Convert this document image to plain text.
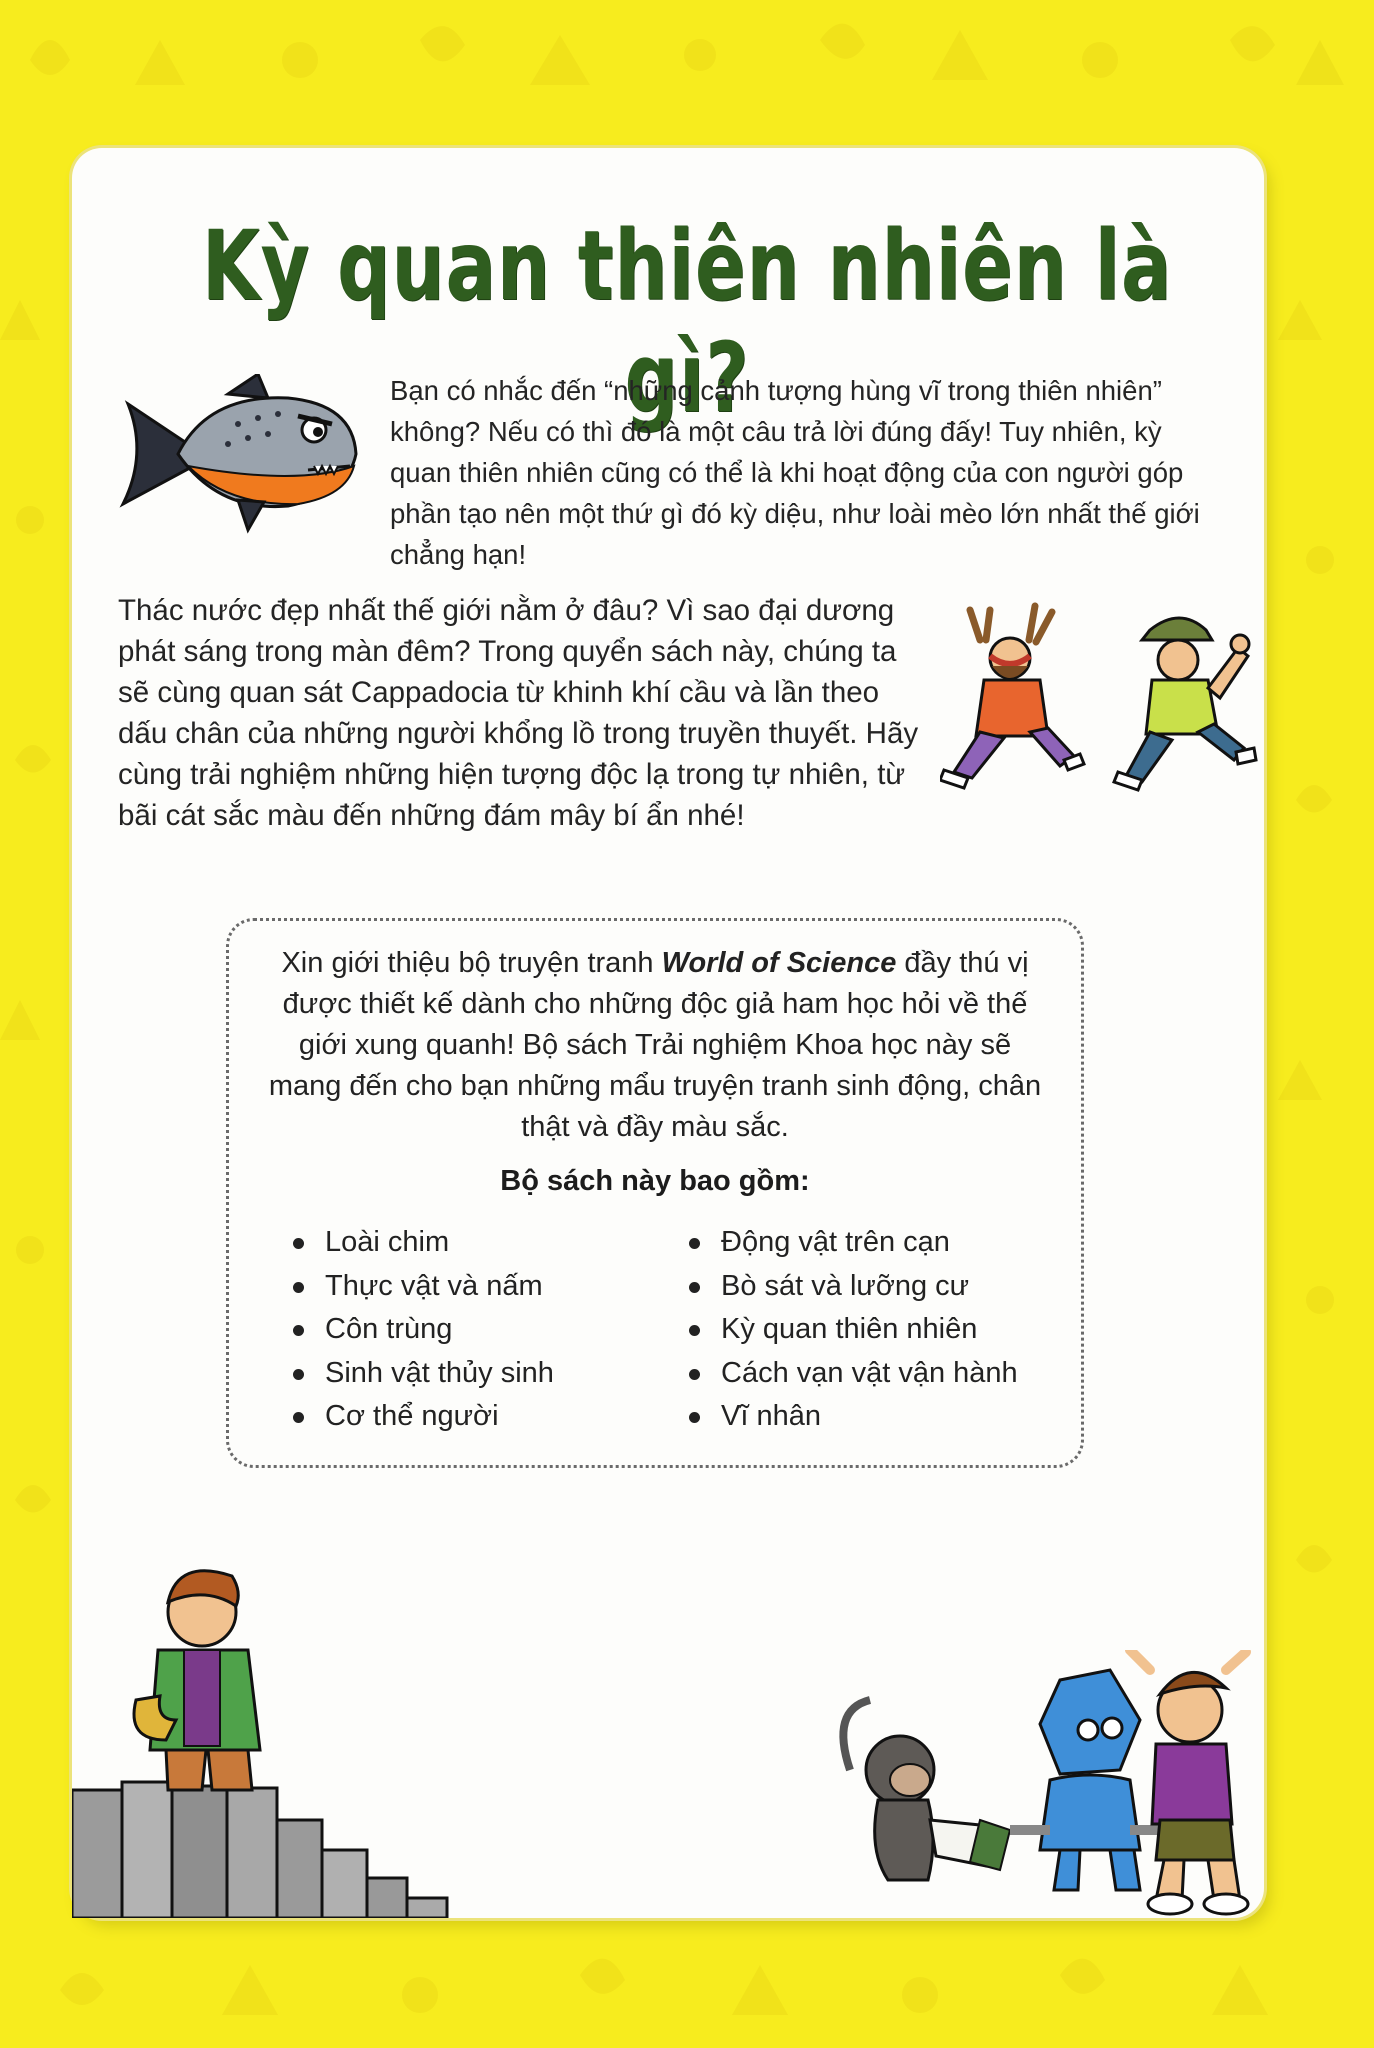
Kỳ quan thiên nhiên là gì?

Bạn có nhắc đến “những cảnh tượng hùng vĩ trong thiên nhiên” không? Nếu có thì đó là một câu trả lời đúng đấy! Tuy nhiên, kỳ quan thiên nhiên cũng có thể là khi hoạt động của con người góp phần tạo nên một thứ gì đó kỳ diệu, như loài mèo lớn nhất thế giới chẳng hạn!

Thác nước đẹp nhất thế giới nằm ở đâu? Vì sao đại dương phát sáng trong màn đêm? Trong quyển sách này, chúng ta sẽ cùng quan sát Cappadocia từ khinh khí cầu và lần theo dấu chân của những người khổng lồ trong truyền thuyết. Hãy cùng trải nghiệm những hiện tượng độc lạ trong tự nhiên, từ bãi cát sắc màu đến những đám mây bí ẩn nhé!

Xin giới thiệu bộ truyện tranh World of Science đầy thú vị được thiết kế dành cho những độc giả ham học hỏi về thế giới xung quanh! Bộ sách Trải nghiệm Khoa học này sẽ mang đến cho bạn những mẩu truyện tranh sinh động, chân thật và đầy màu sắc.

Bộ sách này bao gồm:

Loài chim
Thực vật và nấm
Côn trùng
Sinh vật thủy sinh
Cơ thể người
Động vật trên cạn
Bò sát và lưỡng cư
Kỳ quan thiên nhiên
Cách vạn vật vận hành
Vĩ nhân
